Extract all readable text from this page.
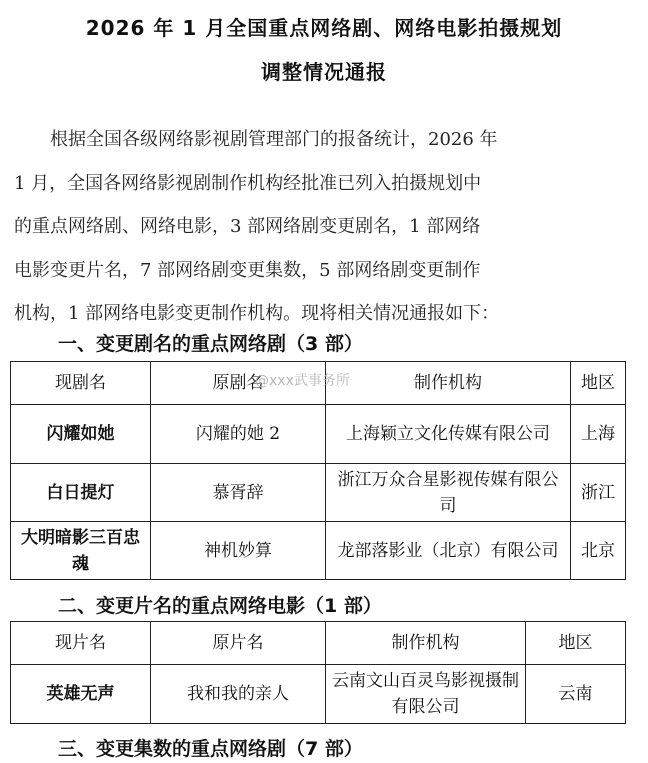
2026 年 1 月全国重点网络剧、网络电影拍摄规划
调整情况通报
　　根据全国各级网络影视剧管理部门的报备统计，2026 年
1 月，全国各网络影视剧制作机构经批准已列入拍摄规划中
的重点网络剧、网络电影，3 部网络剧变更剧名，1 部网络
电影变更片名，7 部网络剧变更集数，5 部网络剧变更制作
机构，1 部网络电影变更制作机构。现将相关情况通报如下：
一、变更剧名的重点网络剧（3 部）
现剧名	原剧名	制作机构	地区
闪耀如她	闪耀的她 2	上海颖立文化传媒有限公司	上海
白日提灯	慕胥辞	浙江万众合星影视传媒有限公司	浙江
大明暗影三百忠魂	神机妙算	龙部落影业（北京）有限公司	北京
@xxx武事务所
二、变更片名的重点网络电影（1 部）
现片名	原片名	制作机构	地区
英雄无声	我和我的亲人	云南文山百灵鸟影视摄制有限公司	云南
三、变更集数的重点网络剧（7 部）
